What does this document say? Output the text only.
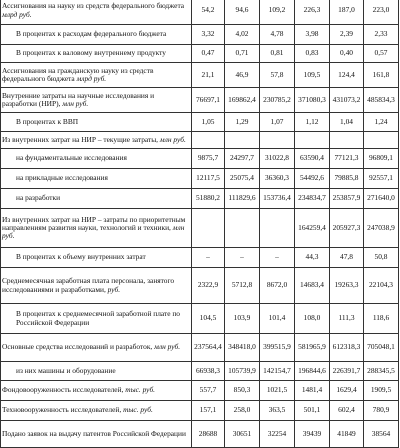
Ассигнования на науку из средств федерального бюджета млрд руб.	54,2	94,6	109,2	226,3	187,0	223,0
В процентах к расходам федерального бюджета	3,32	4,02	4,78	3,98	2,39	2,33
В процентах к валовому внутреннему продукту	0,47	0,71	0,81	0,83	0,40	0,57
Ассигнования на гражданскую науку из средств федерального бюджета млрд руб.	21,1	46,9	57,8	109,5	124,4	161,8
Внутренние затраты на научные исследования и разработки (НИР), млн руб.	76697,1	169862,4	230785,2	371080,3	431073,2	485834,3
В процентах к ВВП	1,05	1,29	1,07	1,12	1,04	1,24
Из внутренних затрат на НИР – текущие затраты, млн руб.						
на фундаментальные исследования	9875,7	24297,7	31022,8	63590,4	77121,3	96809,1
на прикладные исследования	12117,5	25075,4	36360,3	54492,6	79885,8	92557,1
на разработки	51880,2	111829,6	153736,4	234834,7	253857,9	271640,0
Из внутренних затрат на НИР – затраты по приоритетным направлениям развития науки, технологий и техники, млн руб.				164259,4	205927,3	247038,9
В процентах к объему внутренних затрат	–	–	–	44,3	47,8	50,8
Среднемесячная заработная плата персонала, занятого исследованиями и разработками, руб.	2322,9	5712,8	8672,0	14683,4	19263,3	22104,3
В процентах к среднемесячной заработной плате по Российской Федерации	104,5	103,9	101,4	108,0	111,3	118,6
Основные средства исследований и разработок, млн руб.	237564,4	348418,0	399515,9	581965,9	612318,3	705048,1
из них машины и оборудование	66938,3	105739,9	142154,7	196844,6	226391,7	288345,5
Фондовооруженность исследователей, тыс. руб.	557,7	850,3	1021,5	1481,4	1629,4	1909,5
Техновооруженность исследователей, тыс. руб.	157,1	258,0	363,5	501,1	602,4	780,9
Подано заявок на выдачу патентов Российской Федерации	28688	30651	32254	39439	41849	38564
